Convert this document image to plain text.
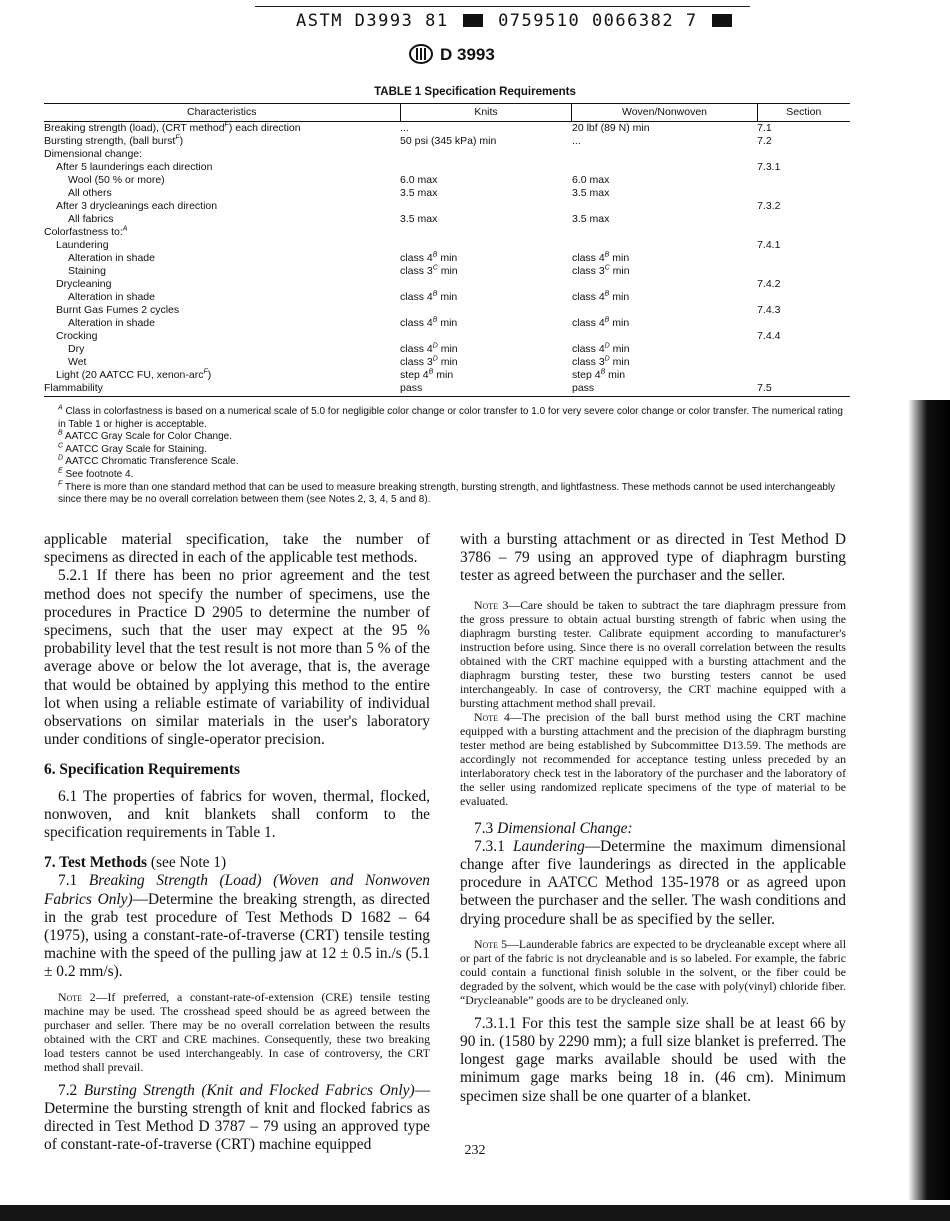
ASTM D3993 81	0759510 0066382 7
D 3993
TABLE 1 Specification Requirements
Characteristics	Knits	Woven/Nonwoven	Section
Breaking strength (load), (CRT method$^F$) each direction	...	20 lbf (89 N) min	7.1
Bursting strength, (ball burst$^F$)	50 psi (345 kPa) min	...	7.2
Dimensional change:			
After 5 launderings each direction			7.3.1
Wool (50 % or more)	6.0 max	6.0 max	
All others	3.5 max	3.5 max	
After 3 drycleanings each direction			7.3.2
All fabrics	3.5 max	3.5 max	
Colorfastness to:$^A$			
Laundering			7.4.1
Alteration in shade	class $4^B$ min	class $4^B$ min	
Staining	class $3^C$ min	class $3^C$ min	
Drycleaning			7.4.2
Alteration in shade	class $4^B$ min	class $4^B$ min	
Burnt Gas Fumes 2 cycles			7.4.3
Alteration in shade	class $4^B$ min	class $4^B$ min	
Crocking			7.4.4
Dry	class $4^D$ min	class $4^D$ min	
Wet	class $3^D$ min	class $3^D$ min	
Light (20 AATCC FU, xenon-arc$^F$)	step $4^B$ min	step $4^B$ min	
Flammability	pass	pass	7.5

$^A$ Class in colorfastness is based on a numerical scale of 5.0 for negligible color change or color transfer to 1.0 for very severe color change or color transfer. The numerical rating in Table 1 or higher is acceptable.

$^B$ AATCC Gray Scale for Color Change.

$^C$ AATCC Gray Scale for Staining.

$^D$ AATCC Chromatic Transference Scale.

$^E$ See footnote 4.

$^F$ There is more than one standard method that can be used to measure breaking strength, bursting strength, and lightfastness. These methods cannot be used interchangeably since there may be no overall correlation between them (see Notes 2, 3, 4, 5 and 8).

applicable material specification, take the number of specimens as directed in each of the applicable test methods.

5.2.1 If there has been no prior agreement and the test method does not specify the number of specimens, use the procedures in Practice D 2905 to determine the number of specimens, such that the user may expect at the 95 % probability level that the test result is not more than 5 % of the average above or below the lot average, that is, the average that would be obtained by applying this method to the entire lot when using a reliable estimate of variability of individual observations on similar materials in the user's laboratory under conditions of single-operator precision.

6. Specification Requirements

6.1 The properties of fabrics for woven, thermal, flocked, nonwoven, and knit blankets shall conform to the specification requirements in Table 1.

7. Test Methods (see Note 1)

7.1 Breaking Strength (Load) (Woven and Nonwoven Fabrics Only)—Determine the breaking strength, as directed in the grab test procedure of Test Methods D 1682 – 64 (1975), using a constant-rate-of-traverse (CRT) tensile testing machine with the speed of the pulling jaw at 12 ± 0.5 in./s (5.1 ± 0.2 mm/s).

Note 2—If preferred, a constant-rate-of-extension (CRE) tensile testing machine may be used. The crosshead speed should be as agreed between the purchaser and seller. There may be no overall correlation between the results obtained with the CRT and CRE machines. Consequently, these two breaking load testers cannot be used interchangeably. In case of controversy, the CRT method shall prevail.

7.2 Bursting Strength (Knit and Flocked Fabrics Only)—Determine the bursting strength of knit and flocked fabrics as directed in Test Method D 3787 – 79 using an approved type of constant-rate-of-traverse (CRT) machine equipped

with a bursting attachment or as directed in Test Method D 3786 – 79 using an approved type of diaphragm bursting tester as agreed between the purchaser and the seller.

Note 3—Care should be taken to subtract the tare diaphragm pressure from the gross pressure to obtain actual bursting strength of fabric when using the diaphragm bursting tester. Calibrate equipment according to manufacturer's instruction before using. Since there is no overall correlation between the results obtained with the CRT machine equipped with a bursting attachment and the diaphragm bursting tester, these two bursting testers cannot be used interchangeably. In case of controversy, the CRT machine equipped with a bursting attachment method shall prevail.

Note 4—The precision of the ball burst method using the CRT machine equipped with a bursting attachment and the precision of the diaphragm bursting tester method are being established by Subcommittee D13.59. The methods are accordingly not recommended for acceptance testing unless preceded by an interlaboratory check test in the laboratory of the purchaser and the laboratory of the seller using randomized replicate specimens of the type of material to be evaluated.

7.3 Dimensional Change:

7.3.1 Laundering—Determine the maximum dimensional change after five launderings as directed in the applicable procedure in AATCC Method 135-1978 or as agreed upon between the purchaser and the seller. The wash conditions and drying procedure shall be as specified by the seller.

Note 5—Launderable fabrics are expected to be drycleanable except where all or part of the fabric is not drycleanable and is so labeled. For example, the fabric could contain a functional finish soluble in the solvent, or the fiber could be degraded by the solvent, which would be the case with poly(vinyl) chloride fiber. “Drycleanable” goods are to be drycleaned only.

7.3.1.1 For this test the sample size shall be at least 66 by 90 in. (1580 by 2290 mm); a full size blanket is preferred. The longest gage marks available should be used with the minimum gage marks being 18 in. (46 cm). Minimum specimen size shall be one quarter of a blanket.

232
